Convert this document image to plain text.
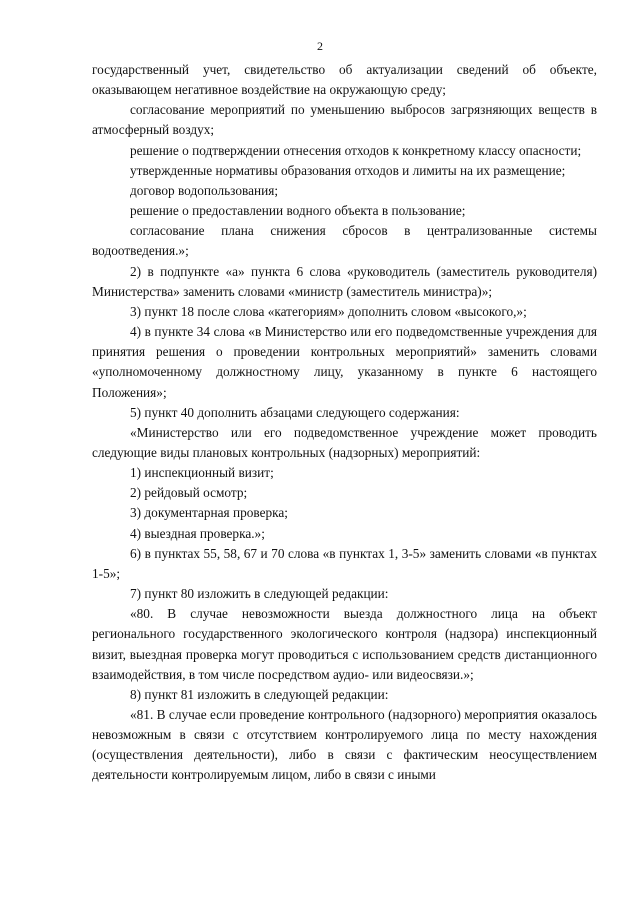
2

государственный учет, свидетельство об актуализации сведений об объекте, оказывающем негативное воздействие на окружающую среду;

согласование мероприятий по уменьшению выбросов загрязняющих веществ в атмосферный воздух;

решение о подтверждении отнесения отходов к конкретному классу опасности;

утвержденные нормативы образования отходов и лимиты на их размещение;

договор водопользования;

решение о предоставлении водного объекта в пользование;

согласование плана снижения сбросов в централизованные системы водоотведения.»;

2) в подпункте «а» пункта 6 слова «руководитель (заместитель руководителя) Министерства» заменить словами «министр (заместитель министра)»;

3) пункт 18 после слова «категориям» дополнить словом «высокого,»;

4) в пункте 34 слова «в Министерство или его подведомственные учреждения для принятия решения о проведении контрольных мероприятий» заменить словами «уполномоченному должностному лицу, указанному в пункте 6 настоящего Положения»;

5) пункт 40 дополнить абзацами следующего содержания:

«Министерство или его подведомственное учреждение может проводить следующие виды плановых контрольных (надзорных) мероприятий:

1) инспекционный визит;

2) рейдовый осмотр;

3) документарная проверка;

4) выездная проверка.»;

6) в пунктах 55, 58, 67 и 70 слова «в пунктах 1, 3-5» заменить словами «в пунктах 1-5»;

7) пункт 80 изложить в следующей редакции:

«80. В случае невозможности выезда должностного лица на объект регионального государственного экологического контроля (надзора) инспекционный визит, выездная проверка могут проводиться с использованием средств дистанционного взаимодействия, в том числе посредством аудио- или видеосвязи.»;

8) пункт 81 изложить в следующей редакции:

«81. В случае если проведение контрольного (надзорного) мероприятия оказалось невозможным в связи с отсутствием контролируемого лица по месту нахождения (осуществления деятельности), либо в связи с фактическим неосуществлением деятельности контролируемым лицом, либо в связи с иными
